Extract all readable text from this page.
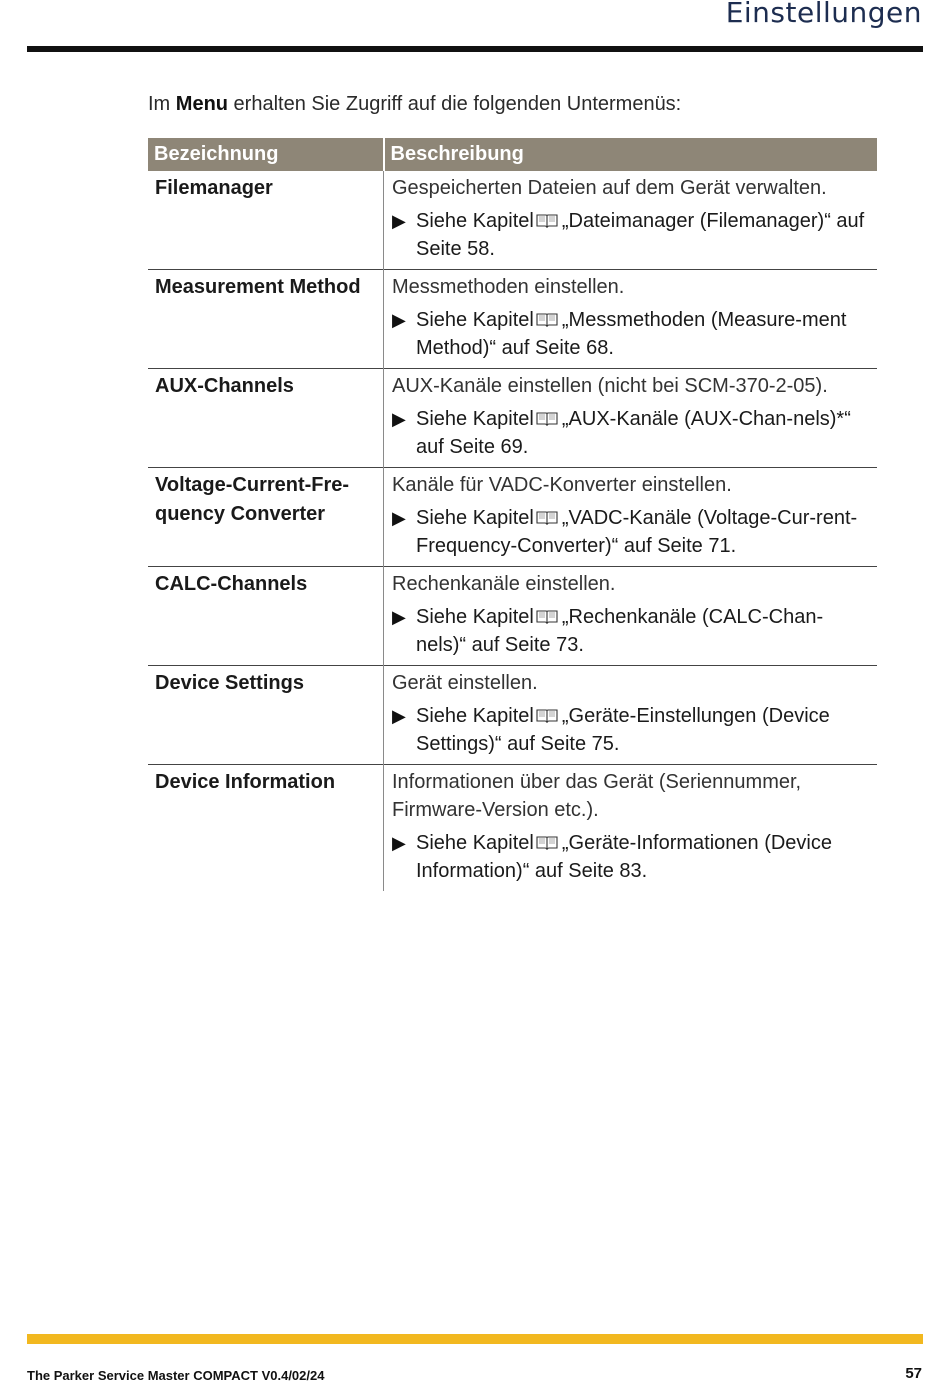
Einstellungen
Im Menu erhalten Sie Zugriff auf die folgenden Untermenüs:
Bezeichnung	Beschreibung
Filemanager	Gespeicherten Dateien auf dem Gerät verwalten.
▶ Siehe Kapitel „Dateimanager (Filemanager)“ auf Seite 58.

Measurement Method	Messmethoden einstellen.
▶ Siehe Kapitel „Messmethoden (Measure-ment Method)“ auf Seite 68.

AUX-Channels	AUX-Kanäle einstellen (nicht bei SCM-370-2-05).
▶ Siehe Kapitel „AUX-Kanäle (AUX-Chan-nels)*“ auf Seite 69.

Voltage-Current-Fre-quency Converter	Kanäle für VADC-Konverter einstellen.
▶ Siehe Kapitel „VADC-Kanäle (Voltage-Cur-rent-Frequency-Converter)“ auf Seite 71.

CALC-Channels	Rechenkanäle einstellen.
▶ Siehe Kapitel „Rechenkanäle (CALC-Chan-nels)“ auf Seite 73.

Device Settings	Gerät einstellen.
▶ Siehe Kapitel „Geräte-Einstellungen (Device Settings)“ auf Seite 75.

Device Information	Informationen über das Gerät (Seriennummer, Firmware-Version etc.).
▶ Siehe Kapitel „Geräte-Informationen (Device Information)“ auf Seite 83.
The Parker Service Master COMPACT V0.4/02/24	57
